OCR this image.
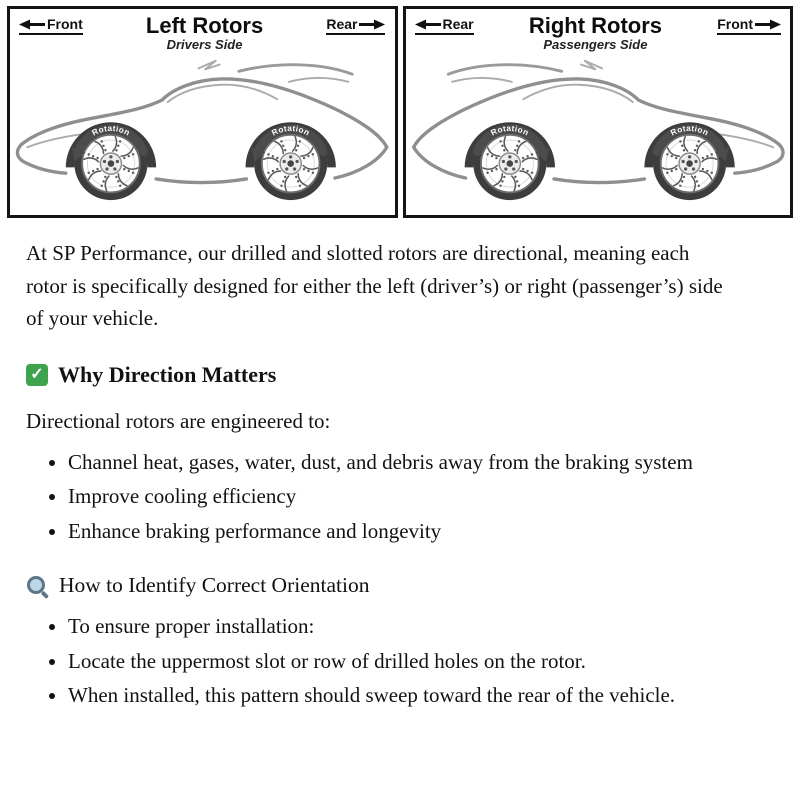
Front	Left Rotors
Drivers Side
Rear
Rotation	Rotation
Rear	Right Rotors
Passengers Side
Front
Rotation
Rotation

At SP Performance, our drilled and slotted rotors are directional, meaning each rotor is specifically designed for either the left (driver’s) or right (passenger’s) side of your vehicle.

✓
Why Direction Matters

Directional rotors are engineered to:

• Channel heat, gases, water, dust, and debris away from the braking system
• Improve cooling efficiency
• Enhance braking performance and longevity
How to Identify Correct Orientation
• To ensure proper installation:
• Locate the uppermost slot or row of drilled holes on the rotor.
• When installed, this pattern should sweep toward the rear of the vehicle.
